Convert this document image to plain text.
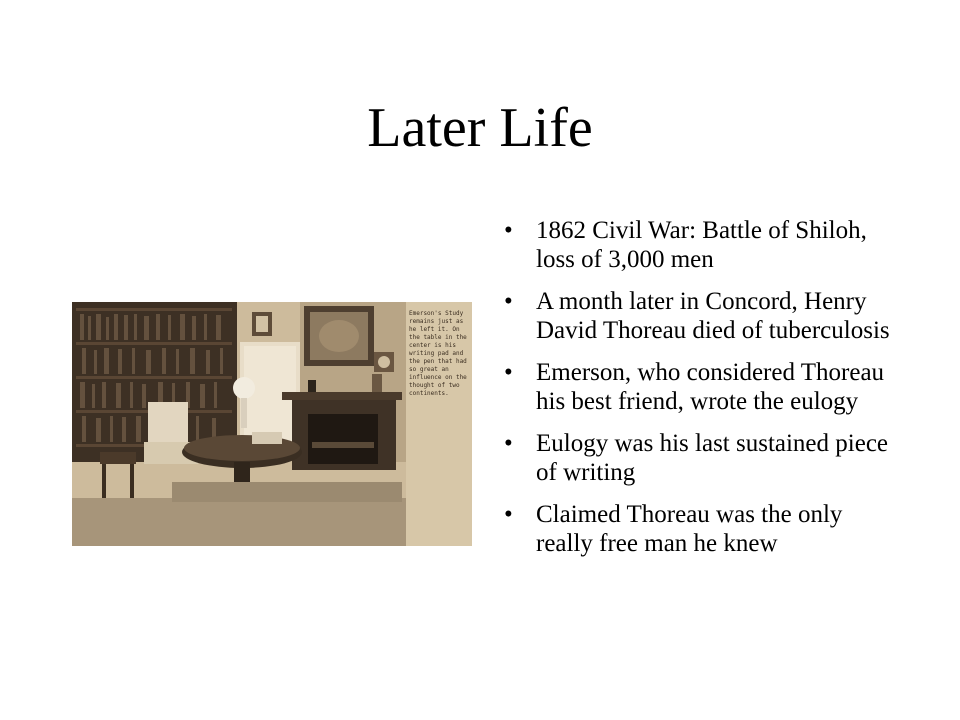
Later Life
Emerson's Study remains just as he left it. On the table in the center is his writing pad and the pen that had so great an influence on the thought of two continents.
• 1862 Civil War: Battle of Shiloh, loss of 3,000 men
• A month later in Concord, Henry David Thoreau died of tuberculosis
• Emerson, who considered Thoreau his best friend, wrote the eulogy
• Eulogy was his last sustained piece of writing
• Claimed Thoreau was the only really free man he knew
